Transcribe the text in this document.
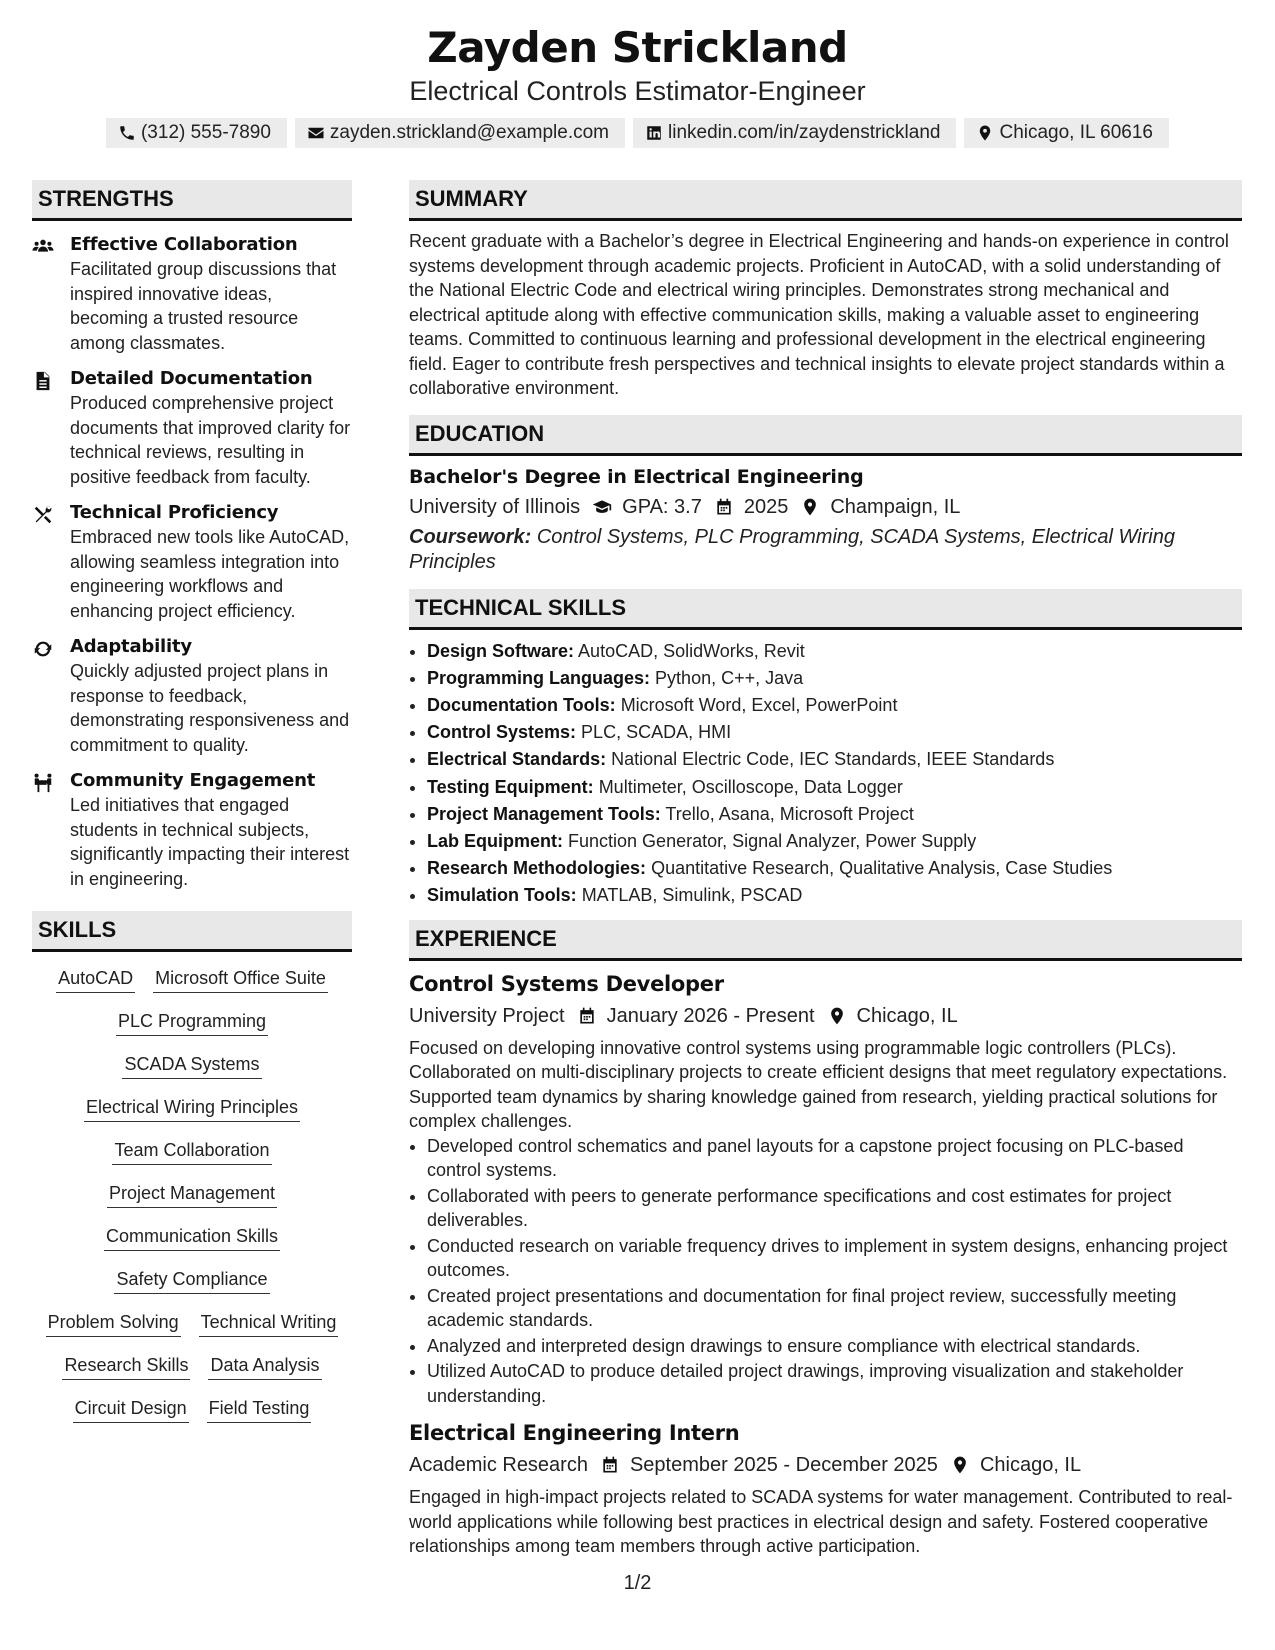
Zayden Strickland
Electrical Controls Estimator-Engineer
(312) 555-7890	zayden.strickland@example.com	linkedin.com/in/zaydenstrickland	Chicago, IL 60616
STRENGTHS
Effective Collaboration
Facilitated group discussions that inspired innovative ideas, becoming a trusted resource among classmates.
Detailed Documentation
Produced comprehensive project documents that improved clarity for technical reviews, resulting in positive feedback from faculty.
Technical Proficiency
Embraced new tools like AutoCAD, allowing seamless integration into engineering workflows and enhancing project efficiency.
Adaptability
Quickly adjusted project plans in response to feedback, demonstrating responsiveness and commitment to quality.
Community Engagement
Led initiatives that engaged students in technical subjects, significantly impacting their interest in engineering.
SKILLS
AutoCAD Microsoft Office Suite
PLC Programming
SCADA Systems
Electrical Wiring Principles
Team Collaboration
Project Management
Communication Skills
Safety Compliance
Problem Solving Technical Writing
Research Skills Data Analysis
Circuit Design Field Testing
SUMMARY
Recent graduate with a Bachelor’s degree in Electrical Engineering and hands-on experience in control systems development through academic projects. Proficient in AutoCAD, with a solid understanding of the National Electric Code and electrical wiring principles. Demonstrates strong mechanical and electrical aptitude along with effective communication skills, making a valuable asset to engineering teams. Committed to continuous learning and professional development in the electrical engineering field. Eager to contribute fresh perspectives and technical insights to elevate project standards within a collaborative environment.
EDUCATION
Bachelor's Degree in Electrical Engineering
University of Illinois GPA: 3.7 2025 Champaign, IL
Coursework: Control Systems, PLC Programming, SCADA Systems, Electrical Wiring Principles
TECHNICAL SKILLS
• Design Software: AutoCAD, SolidWorks, Revit
• Programming Languages: Python, C++, Java
• Documentation Tools: Microsoft Word, Excel, PowerPoint
• Control Systems: PLC, SCADA, HMI
• Electrical Standards: National Electric Code, IEC Standards, IEEE Standards
• Testing Equipment: Multimeter, Oscilloscope, Data Logger
• Project Management Tools: Trello, Asana, Microsoft Project
• Lab Equipment: Function Generator, Signal Analyzer, Power Supply
• Research Methodologies: Quantitative Research, Qualitative Analysis, Case Studies
• Simulation Tools: MATLAB, Simulink, PSCAD
EXPERIENCE
Control Systems Developer
University Project January 2026 - Present Chicago, IL
Focused on developing innovative control systems using programmable logic controllers (PLCs). Collaborated on multi-disciplinary projects to create efficient designs that meet regulatory expectations. Supported team dynamics by sharing knowledge gained from research, yielding practical solutions for complex challenges.
• Developed control schematics and panel layouts for a capstone project focusing on PLC-based control systems.
• Collaborated with peers to generate performance specifications and cost estimates for project deliverables.
• Conducted research on variable frequency drives to implement in system designs, enhancing project outcomes.
• Created project presentations and documentation for final project review, successfully meeting academic standards.
• Analyzed and interpreted design drawings to ensure compliance with electrical standards.
• Utilized AutoCAD to produce detailed project drawings, improving visualization and stakeholder understanding.
Electrical Engineering Intern
Academic Research September 2025 - December 2025 Chicago, IL
Engaged in high-impact projects related to SCADA systems for water management. Contributed to real-world applications while following best practices in electrical design and safety. Fostered cooperative relationships among team members through active participation.
1/2
